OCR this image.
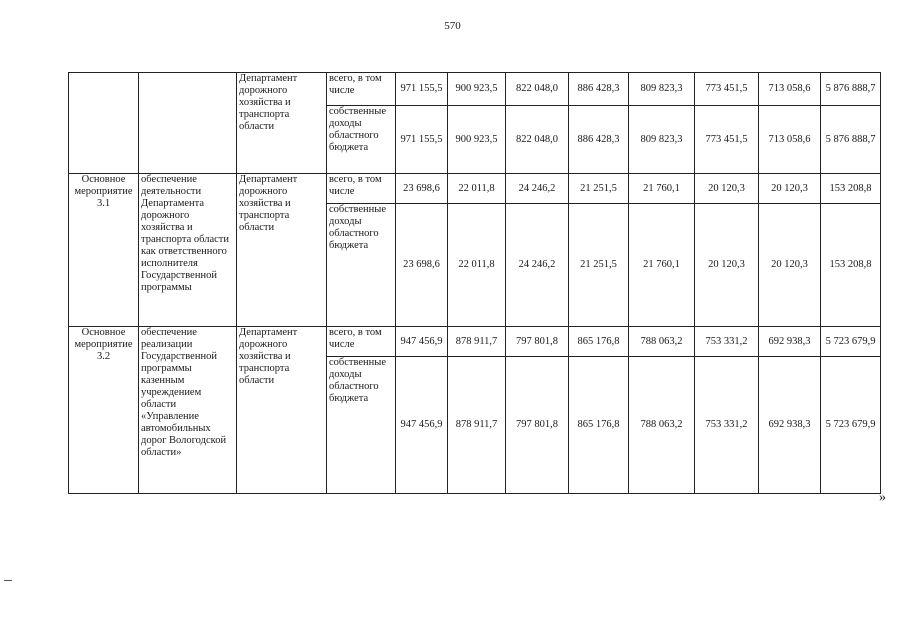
570
		Департамент дорожного хозяйства и транспорта области	всего, в том числе	971 155,5	900 923,5	822 048,0	886 428,3	809 823,3	773 451,5	713 058,6	5 876 888,7
			собственные доходы областного бюджета	971 155,5	900 923,5	822 048,0	886 428,3	809 823,3	773 451,5	713 058,6	5 876 888,7
Основное мероприятие 3.1	обеспечение деятельности Департамента дорожного хозяйства и транспорта области как ответственного исполнителя Государственной программы	Департамент дорожного хозяйства и транспорта области	всего, в том числе	23 698,6	22 011,8	24 246,2	21 251,5	21 760,1	20 120,3	20 120,3	153 208,8
			собственные доходы областного бюджета	23 698,6	22 011,8	24 246,2	21 251,5	21 760,1	20 120,3	20 120,3	153 208,8
Основное мероприятие 3.2	обеспечение реализации Государственной программы казенным учреждением области «Управление автомобильных дорог Вологодской области»	Департамент дорожного хозяйства и транспорта области	всего, в том числе	947 456,9	878 911,7	797 801,8	865 176,8	788 063,2	753 331,2	692 938,3	5 723 679,9
			собственные доходы областного бюджета	947 456,9	878 911,7	797 801,8	865 176,8	788 063,2	753 331,2	692 938,3	5 723 679,9
»
